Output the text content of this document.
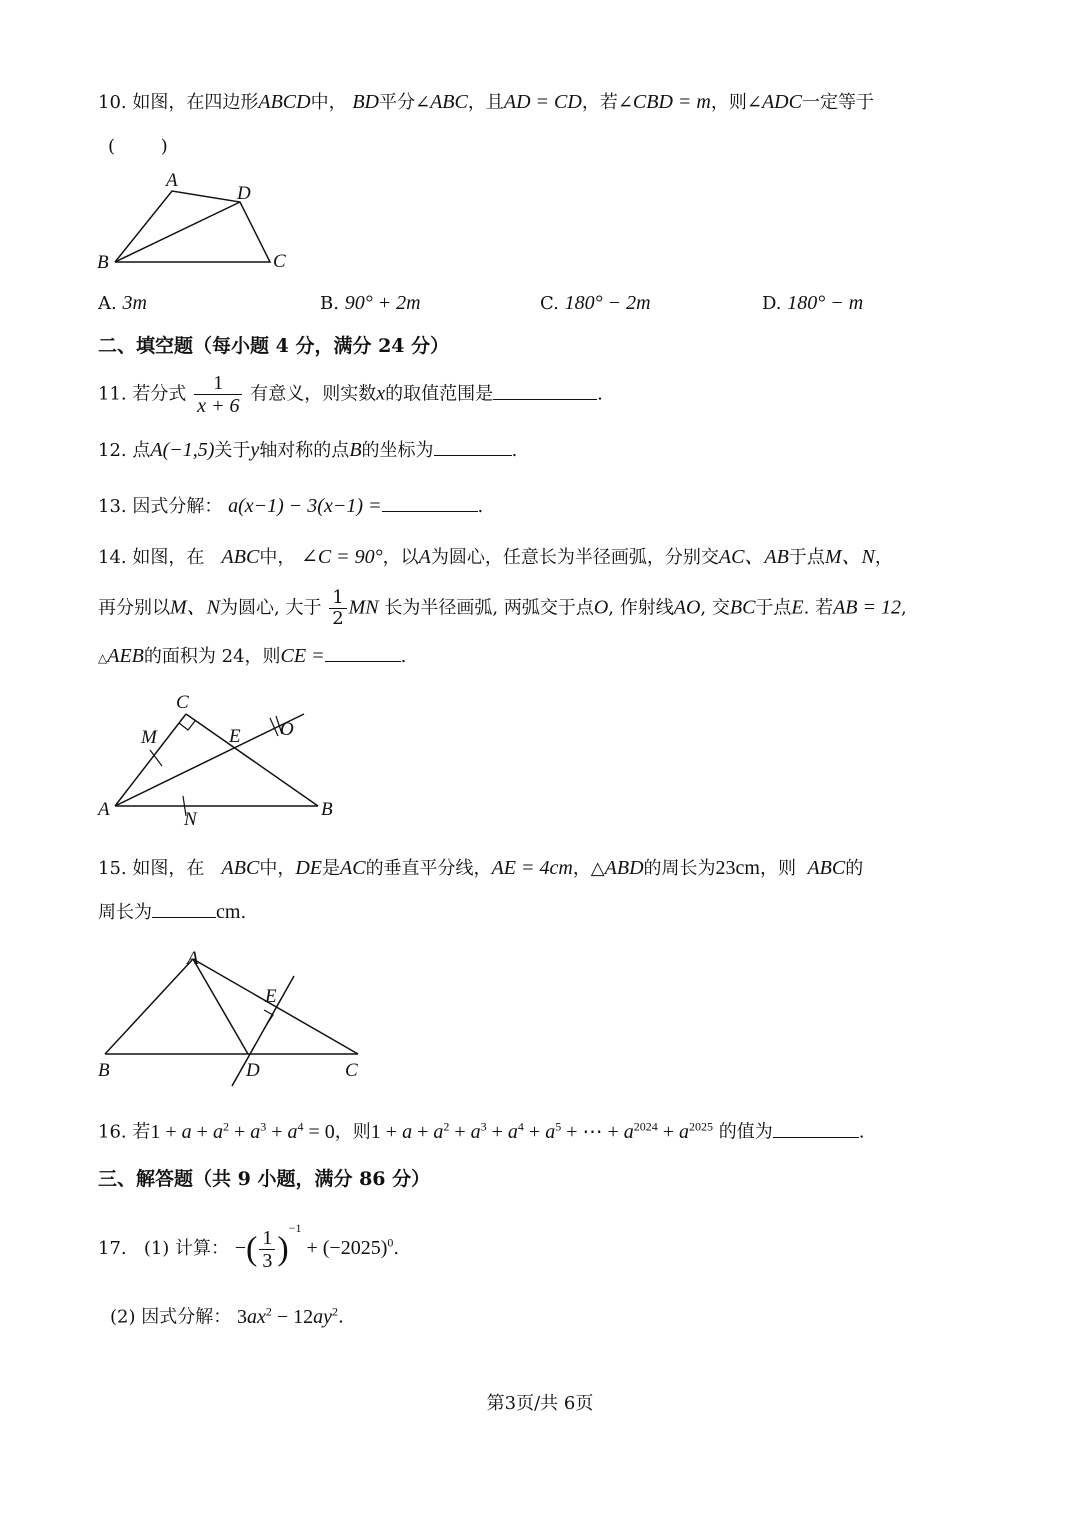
10. 如图，在四边形ABCD中， BD平分∠ABC，且AD = CD，若∠CBD = m，则∠ADC一定等于
(        )
A
D
B	C
A. 3m	B. 90° + 2m	C. 180° − 2m	D. 180° − m
二、填空题（每小题 4 分，满分 24 分）
11. 若分式 $\frac{1}{x + 6}$ 有意义，则实数x的取值范围是	.
12. 点A(−1,5)关于y轴对称的点B的坐标为	.
13. 因式分解： a(x−1) − 3(x−1) =	.
14. 如图，在 ABC中， ∠C = 90°，以A为圆心，任意长为半径画弧，分别交AC、AB于点M、N，
再分别以M、N为圆心, 大于 $\frac{1}{2}$ MN 长为半径画弧, 两弧交于点O, 作射线AO, 交BC于点E. 若AB = 12,
△AEB的面积为 24，则CE =	.
C
M	E O
A	N	B
15. 如图，在 ABC中，DE是AC的垂直平分线，AE = 4cm，△ABD的周长为23cm，则 ABC的
周长为	cm.
A
E
B	D	C
16. 若$1 + a + a^2 + a^3 + a^4 = 0$，则$1 + a + a^2 + a^3 + a^4 + a^5$ + ⋯ + $a^{2024} + a^{2025}$ 的值为	.
三、解答题（共 9 小题，满分 86 分）
17. (1) 计算： −( $\frac{1}{3} )^{-1} + (-2025)^0$.
(2) 因式分解： $3ax^2 - 12ay^2$.
第3页/共 6页
